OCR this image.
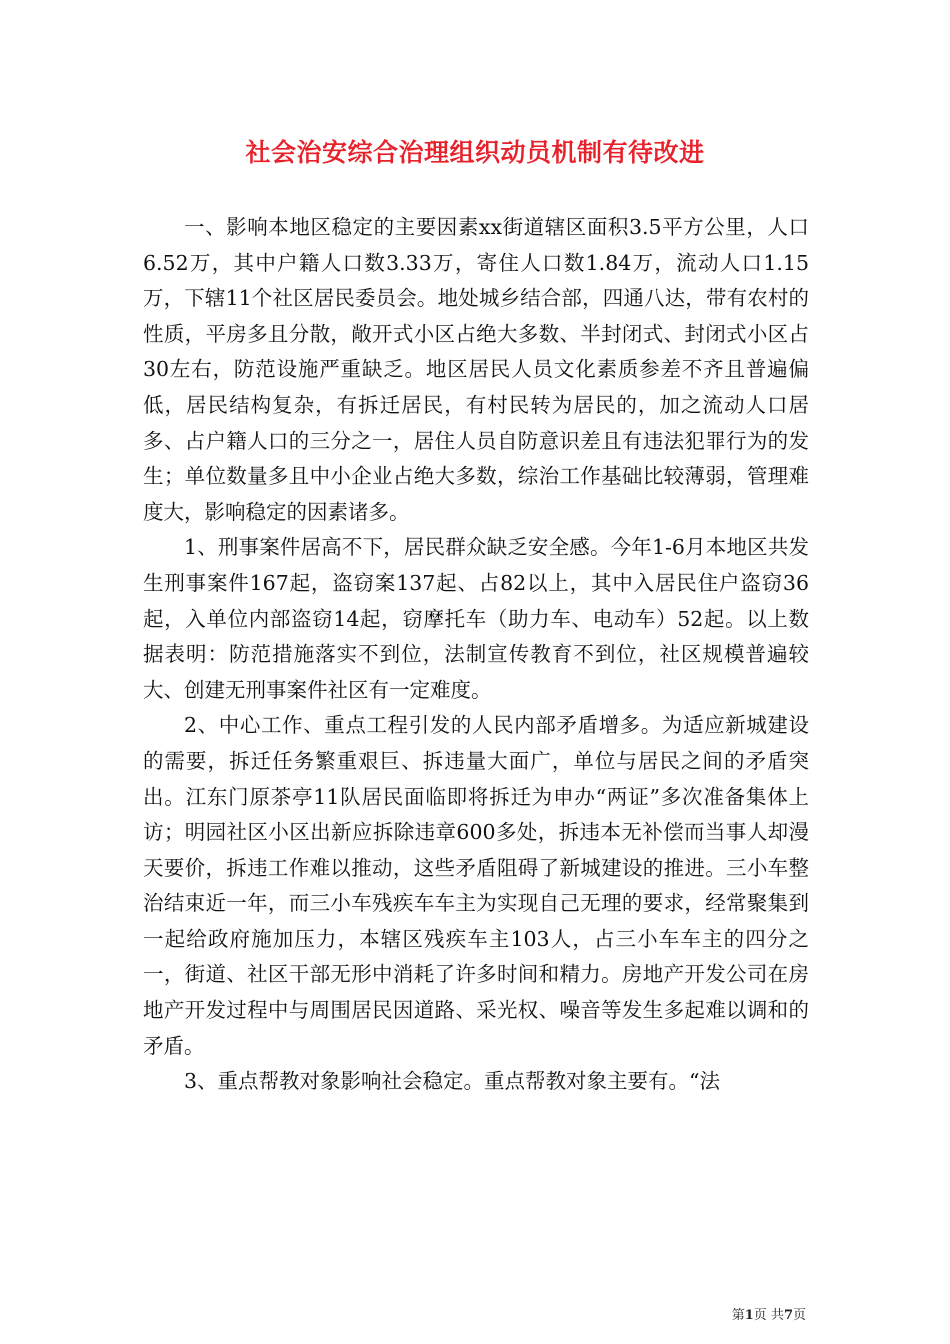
社会治安综合治理组织动员机制有待改进

一、影响本地区稳定的主要因素xx街道辖区面积3.5平方公里，人口6.52万，其中户籍人口数3.33万，寄住人口数1.84万，流动人口1.15万，下辖11个社区居民委员会。地处城乡结合部，四通八达，带有农村的性质，平房多且分散，敞开式小区占绝大多数、半封闭式、封闭式小区占30左右，防范设施严重缺乏。地区居民人员文化素质参差不齐且普遍偏低，居民结构复杂，有拆迁居民，有村民转为居民的，加之流动人口居多、占户籍人口的三分之一，居住人员自防意识差且有违法犯罪行为的发生；单位数量多且中小企业占绝大多数，综治工作基础比较薄弱，管理难度大，影响稳定的因素诸多。

1、刑事案件居高不下，居民群众缺乏安全感。今年1-6月本地区共发生刑事案件167起，盗窃案137起、占82以上，其中入居民住户盗窃36起，入单位内部盗窃14起，窃摩托车（助力车、电动车）52起。以上数据表明：防范措施落实不到位，法制宣传教育不到位，社区规模普遍较大、创建无刑事案件社区有一定难度。

2、中心工作、重点工程引发的人民内部矛盾增多。为适应新城建设的需要，拆迁任务繁重艰巨、拆违量大面广，单位与居民之间的矛盾突出。江东门原茶亭11队居民面临即将拆迁为申办“两证”多次准备集体上访；明园社区小区出新应拆除违章600多处，拆违本无补偿而当事人却漫天要价，拆违工作难以推动，这些矛盾阻碍了新城建设的推进。三小车整治结束近一年，而三小车残疾车车主为实现自己无理的要求，经常聚集到一起给政府施加压力，本辖区残疾车主103人，占三小车车主的四分之一，街道、社区干部无形中消耗了许多时间和精力。房地产开发公司在房地产开发过程中与周围居民因道路、采光权、噪音等发生多起难以调和的矛盾。

3、重点帮教对象影响社会稳定。重点帮教对象主要有。“法

第1页 共7页
